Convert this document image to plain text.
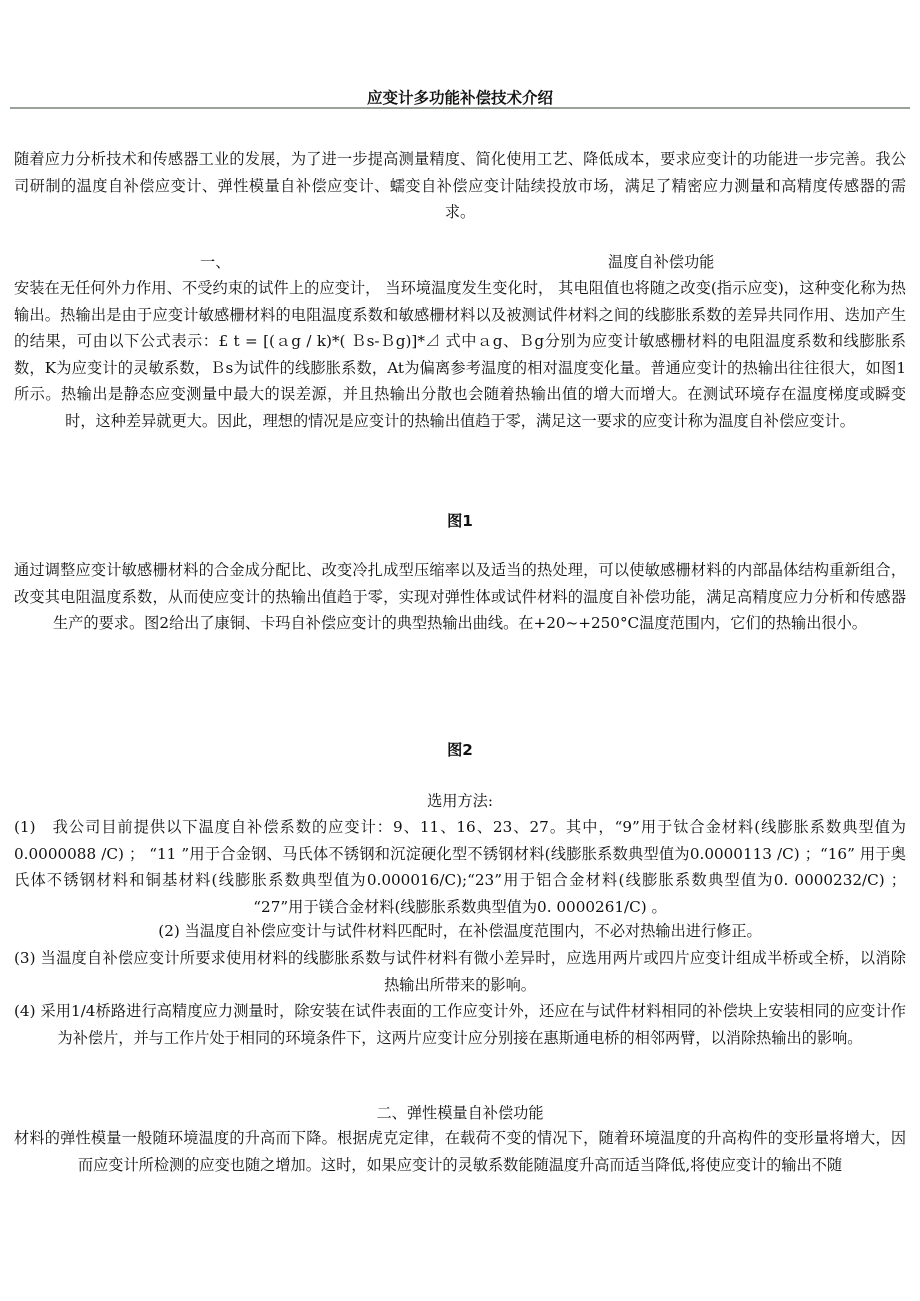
应变计多功能补偿技术介绍

随着应力分析技术和传感器工业的发展，为了进一步提高测量精度、简化使用工艺、降低成本，要求应变计的功能进一步完善。我公司研制的温度自补偿应变计、弹性模量自补偿应变计、蠕变自补偿应变计陆续投放市场，满足了精密应力测量和高精度传感器的需求。

一、	温度自补偿功能

安装在无任何外力作用、不受约束的试件上的应变计， 当环境温度发生变化时， 其电阻值也将随之改变(指示应变)，这种变化称为热输出。热输出是由于应变计敏感栅材料的电阻温度系数和敏感栅材料以及被测试件材料之间的线膨胀系数的差异共同作用、迭加产生的结果，可由以下公式表示：£ t = [(ａg / k)*( Ｂs-Ｂg)]*⊿ 式中ａg、Ｂg分别为应变计敏感栅材料的电阻温度系数和线膨胀系数，K为应变计的灵敏系数，Ｂs为试件的线膨胀系数，At为偏离参考温度的相对温度变化量。普通应变计的热输出往往很大，如图1所示。热输出是静态应变测量中最大的误差源，并且热输出分散也会随着热输出值的增大而增大。在测试环境存在温度梯度或瞬变时，这种差异就更大。因此，理想的情况是应变计的热输出值趋于零，满足这一要求的应变计称为温度自补偿应变计。

图1

通过调整应变计敏感栅材料的合金成分配比、改变冷扎成型压缩率以及适当的热处理，可以使敏感栅材料的内部晶体结构重新组合，改变其电阻温度系数，从而使应变计的热输出值趋于零，实现对弹性体或试件材料的温度自补偿功能，满足高精度应力分析和传感器生产的要求。图2给出了康铜、卡玛自补偿应变计的典型热输出曲线。在+20~+250°C温度范围内，它们的热输出很小。

图2
选用方法:

(1)　我公司目前提供以下温度自补偿系数的应变计：9、11、16、23、27。其中，“9”用于钛合金材料(线膨胀系数典型值为 0.0000088 /C) ； “11 ”用于合金钢、马氏体不锈钢和沉淀硬化型不锈钢材料(线膨胀系数典型值为0.0000113 /C) ；“16” 用于奥氏体不锈钢材料和铜基材料(线膨胀系数典型值为0.000016/C);“23”用于铝合金材料(线膨胀系数典型值为0. 0000232/C) ； “27”用于镁合金材料(线膨胀系数典型值为0. 0000261/C) 。

(2) 当温度自补偿应变计与试件材料匹配时，在补偿温度范围内，不必对热输出进行修正。

(3) 当温度自补偿应变计所要求使用材料的线膨胀系数与试件材料有微小差异时，应选用两片或四片应变计组成半桥或全桥，以消除热输出所带来的影响。

(4) 采用1/4桥路进行高精度应力测量时，除安装在试件表面的工作应变计外，还应在与试件材料相同的补偿块上安装相同的应变计作为补偿片，并与工作片处于相同的环境条件下，这两片应变计应分别接在惠斯通电桥的相邻两臂，以消除热输出的影响。

二、弹性模量自补偿功能

材料的弹性模量一般随环境温度的升高而下降。根据虎克定律，在载荷不变的情况下，随着环境温度的升高构件的变形量将增大，因而应变计所检测的应变也随之增加。这时，如果应变计的灵敏系数能随温度升高而适当降低,将使应变计的输出不随
